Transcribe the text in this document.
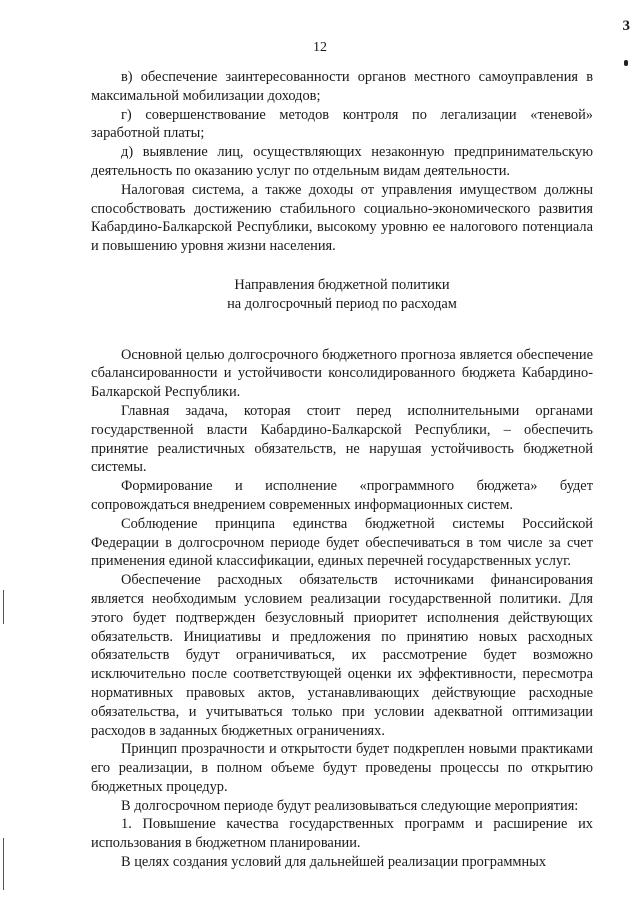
12
3

в) обеспечение заинтересованности органов местного самоуправления в максимальной мобилизации доходов;

г) совершенствование методов контроля по легализации «теневой» заработной платы;

д) выявление лиц, осуществляющих незаконную предпринимательскую деятельность по оказанию услуг по отдельным видам деятельности.

Налоговая система, а также доходы от управления имуществом должны способствовать достижению стабильного социально-экономического развития Кабардино-Балкарской Республики, высокому уровню ее налогового потенциала и повышению уровня жизни населения.

Направления бюджетной политики
на долгосрочный период по расходам

Основной целью долгосрочного бюджетного прогноза является обеспечение сбалансированности и устойчивости консолидированного бюджета Кабардино-Балкарской Республики.

Главная задача, которая стоит перед исполнительными органами государственной власти Кабардино-Балкарской Республики, – обеспечить принятие реалистичных обязательств, не нарушая устойчивость бюджетной системы.

Формирование и исполнение «программного бюджета» будет сопровождаться внедрением современных информационных систем.

Соблюдение принципа единства бюджетной системы Российской Федерации в долгосрочном периоде будет обеспечиваться в том числе за счет применения единой классификации, единых перечней государственных услуг.

Обеспечение расходных обязательств источниками финансирования является необходимым условием реализации государственной политики. Для этого будет подтвержден безусловный приоритет исполнения действующих обязательств. Инициативы и предложения по принятию новых расходных обязательств будут ограничиваться, их рассмотрение будет возможно исключительно после соответствующей оценки их эффективности, пересмотра нормативных правовых актов, устанавливающих действующие расходные обязательства, и учитываться только при условии адекватной оптимизации расходов в заданных бюджетных ограничениях.

Принцип прозрачности и открытости будет подкреплен новыми практиками его реализации, в полном объеме будут проведены процессы по открытию бюджетных процедур.

В долгосрочном периоде будут реализовываться следующие мероприятия:

1. Повышение качества государственных программ и расширение их использования в бюджетном планировании.

В целях создания условий для дальнейшей реализации программных
